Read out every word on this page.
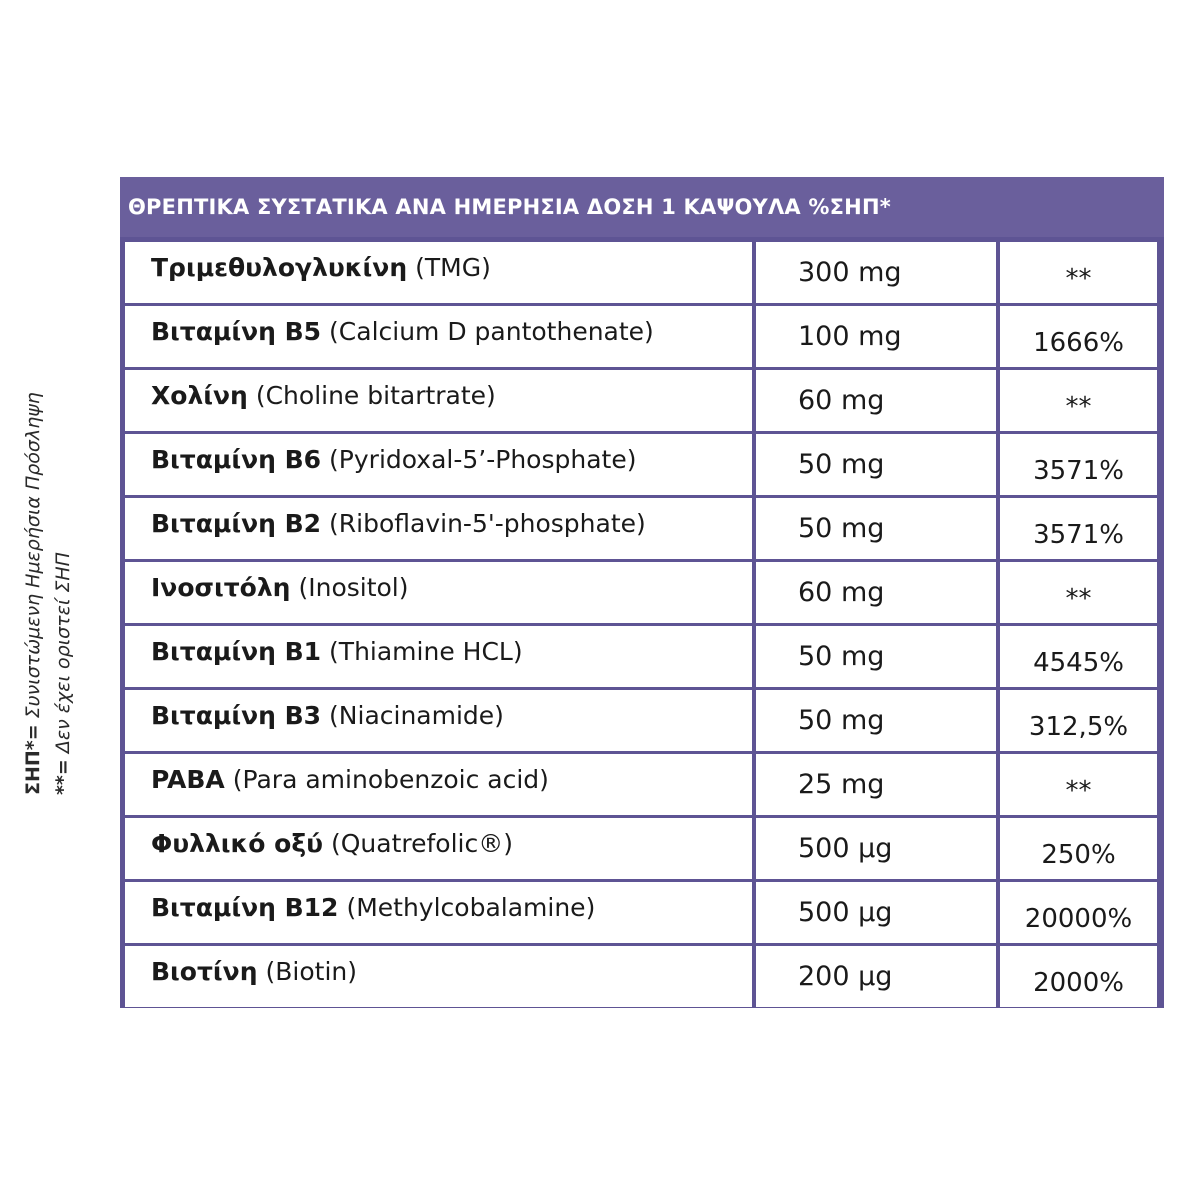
ΘΡΕΠΤΙΚΑ ΣΥΣΤΑΤΙΚΑ ΑΝΑ ΗΜΕΡΗΣΙΑ ΔΟΣΗ 1 ΚΑΨΟΥΛΑ %ΣΗΠ*
Τριμεθυλογλυκίνη (TMG)	300 mg	**
Βιταμίνη Β5 (Calcium D pantothenate)	100 mg	1666%
Χολίνη (Choline bitartrate)	60 mg	**
Βιταμίνη Β6 (Pyridoxal-5’-Phosphate)	50 mg	3571%
Βιταμίνη Β2 (Riboflavin-5'-phosphate)	50 mg	3571%
Ινοσιτόλη (Inositol)	60 mg	**
Βιταμίνη Β1 (Thiamine HCL)	50 mg	4545%
Βιταμίνη Β3 (Niacinamide)	50 mg	312,5%
PABA (Para aminobenzoic acid)	25 mg	**
Φυλλικό οξύ (Quatrefolic®)	500 μg	250%
Βιταμίνη Β12 (Methylcobalamine)	500 μg	20000%
Βιοτίνη (Biotin)	200 μg	2000%
ΣΗΠ*= Συνιστώμενη Ημερήσια Πρόσληψη
**= Δεν έχει οριστεί ΣΗΠ
